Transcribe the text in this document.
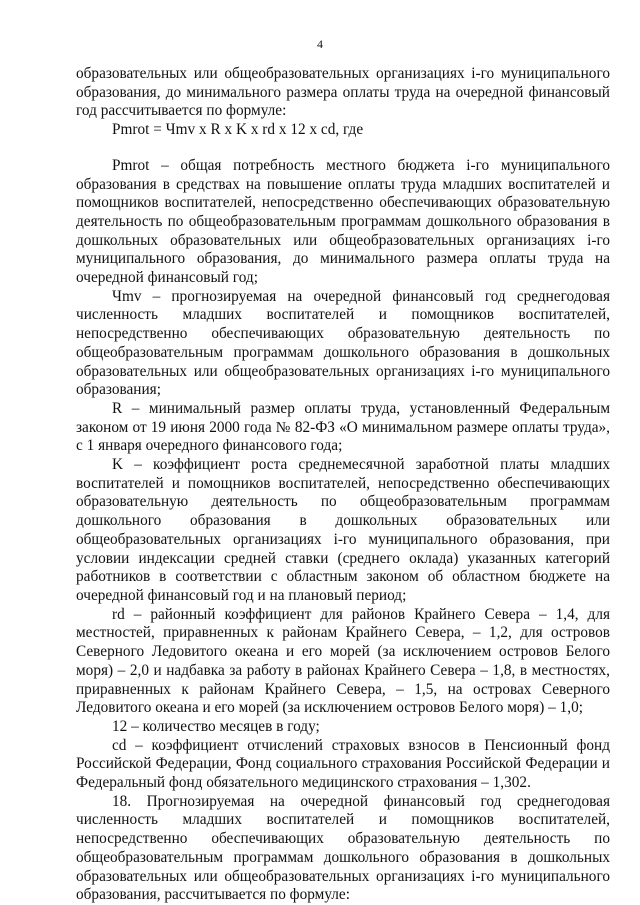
4

образовательных или общеобразовательных организациях i-го муниципального образования, до минимального размера оплаты труда на очередной финансовый год рассчитывается по формуле:

Pmrot = Чmv x R x K x rd x 12 x cd, где

Pmrot – общая потребность местного бюджета i-го муниципального образования в средствах на повышение оплаты труда младших воспитателей и помощников воспитателей, непосредственно обеспечивающих образовательную деятельность по общеобразовательным программам дошкольного образования в дошкольных образовательных или общеобразовательных организациях i-го муниципального образования, до минимального размера оплаты труда на очередной финансовый год;

Чmv – прогнозируемая на очередной финансовый год среднегодовая численность младших воспитателей и помощников воспитателей, непосредственно обеспечивающих образовательную деятельность по общеобразовательным программам дошкольного образования в дошкольных образовательных или общеобразовательных организациях i-го муниципального образования;

R – минимальный размер оплаты труда, установленный Федеральным законом от 19 июня 2000 года № 82-ФЗ «О минимальном размере оплаты труда», с 1 января очередного финансового года;

K – коэффициент роста среднемесячной заработной платы младших воспитателей и помощников воспитателей, непосредственно обеспечивающих образовательную деятельность по общеобразовательным программам дошкольного образования в дошкольных образовательных или общеобразовательных организациях i-го муниципального образования, при условии индексации средней ставки (среднего оклада) указанных категорий работников в соответствии с областным законом об областном бюджете на очередной финансовый год и на плановый период;

rd – районный коэффициент для районов Крайнего Севера – 1,4, для местностей, приравненных к районам Крайнего Севера, – 1,2, для островов Северного Ледовитого океана и его морей (за исключением островов Белого моря) – 2,0 и надбавка за работу в районах Крайнего Севера – 1,8, в местностях, приравненных к районам Крайнего Севера, – 1,5, на островах Северного Ледовитого океана и его морей (за исключением островов Белого моря) – 1,0;

12 – количество месяцев в году;

cd – коэффициент отчислений страховых взносов в Пенсионный фонд Российской Федерации, Фонд социального страхования Российской Федерации и Федеральный фонд обязательного медицинского страхования – 1,302.

18. Прогнозируемая на очередной финансовый год среднегодовая численность младших воспитателей и помощников воспитателей, непосредственно обеспечивающих образовательную деятельность по общеобразовательным программам дошкольного образования в дошкольных образовательных или общеобразовательных организациях i-го муниципального образования, рассчитывается по формуле:
